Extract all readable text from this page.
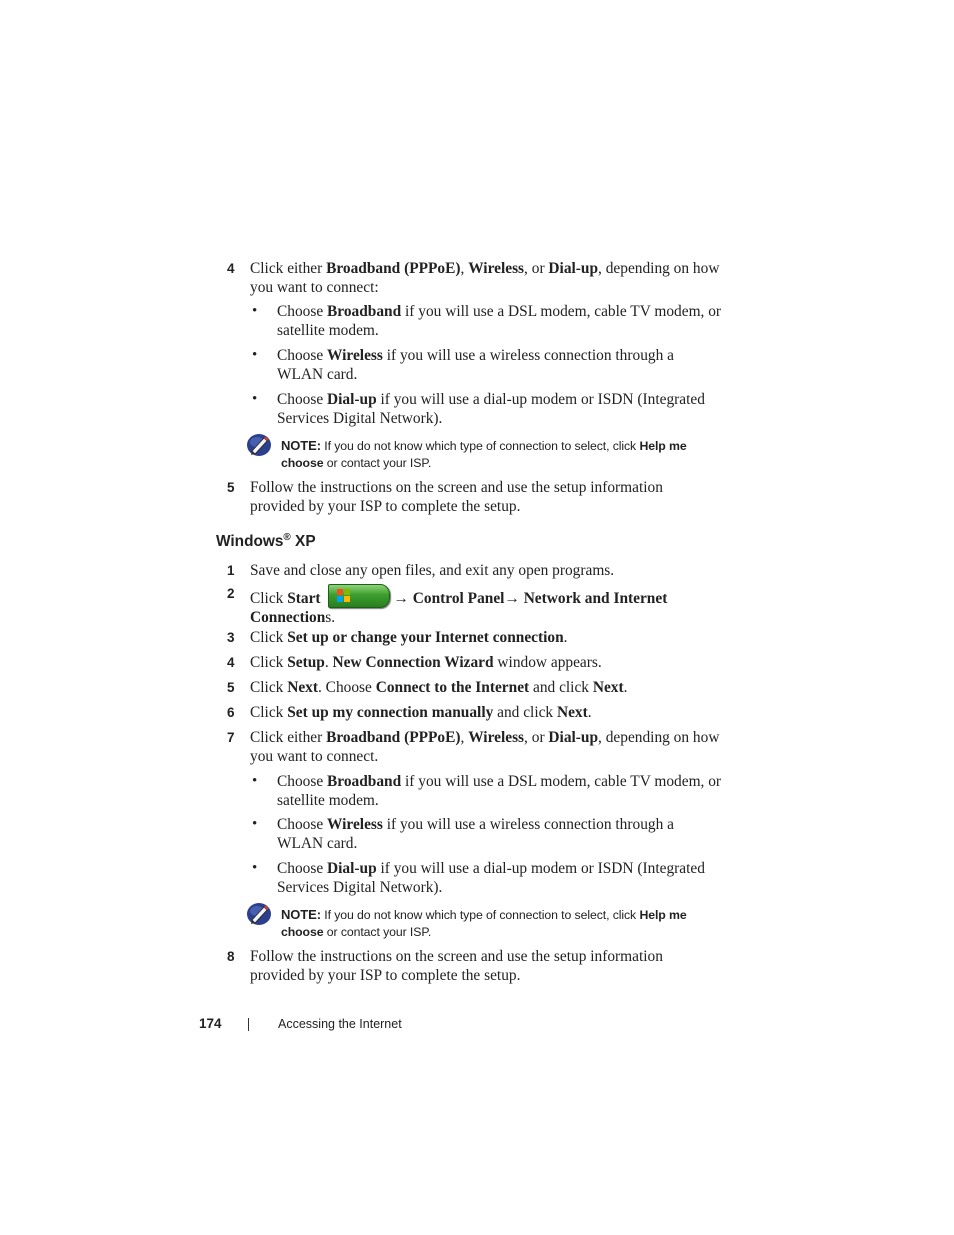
4 Click either Broadband (PPPoE), Wireless, or Dial-up, depending on how you want to connect:
• Choose Broadband if you will use a DSL modem, cable TV modem, or satellite modem.
• Choose Wireless if you will use a wireless connection through a WLAN card.
• Choose Dial-up if you will use a dial-up modem or ISDN (Integrated Services Digital Network).
NOTE: If you do not know which type of connection to select, click Help me choose or contact your ISP.
5 Follow the instructions on the screen and use the setup information provided by your ISP to complete the setup.
Windows® XP
1 Save and close any open files, and exit any open programs.
2 Click Start	→ Control Panel→ Network and Internet Connections.
3 Click Set up or change your Internet connection.
4 Click Setup. New Connection Wizard window appears.
5 Click Next. Choose Connect to the Internet and click Next.
6 Click Set up my connection manually and click Next.
7 Click either Broadband (PPPoE), Wireless, or Dial-up, depending on how you want to connect.
• Choose Broadband if you will use a DSL modem, cable TV modem, or satellite modem.
• Choose Wireless if you will use a wireless connection through a WLAN card.
• Choose Dial-up if you will use a dial-up modem or ISDN (Integrated Services Digital Network).
NOTE: If you do not know which type of connection to select, click Help me choose or contact your ISP.
8 Follow the instructions on the screen and use the setup information provided by your ISP to complete the setup.
174	Accessing the Internet
